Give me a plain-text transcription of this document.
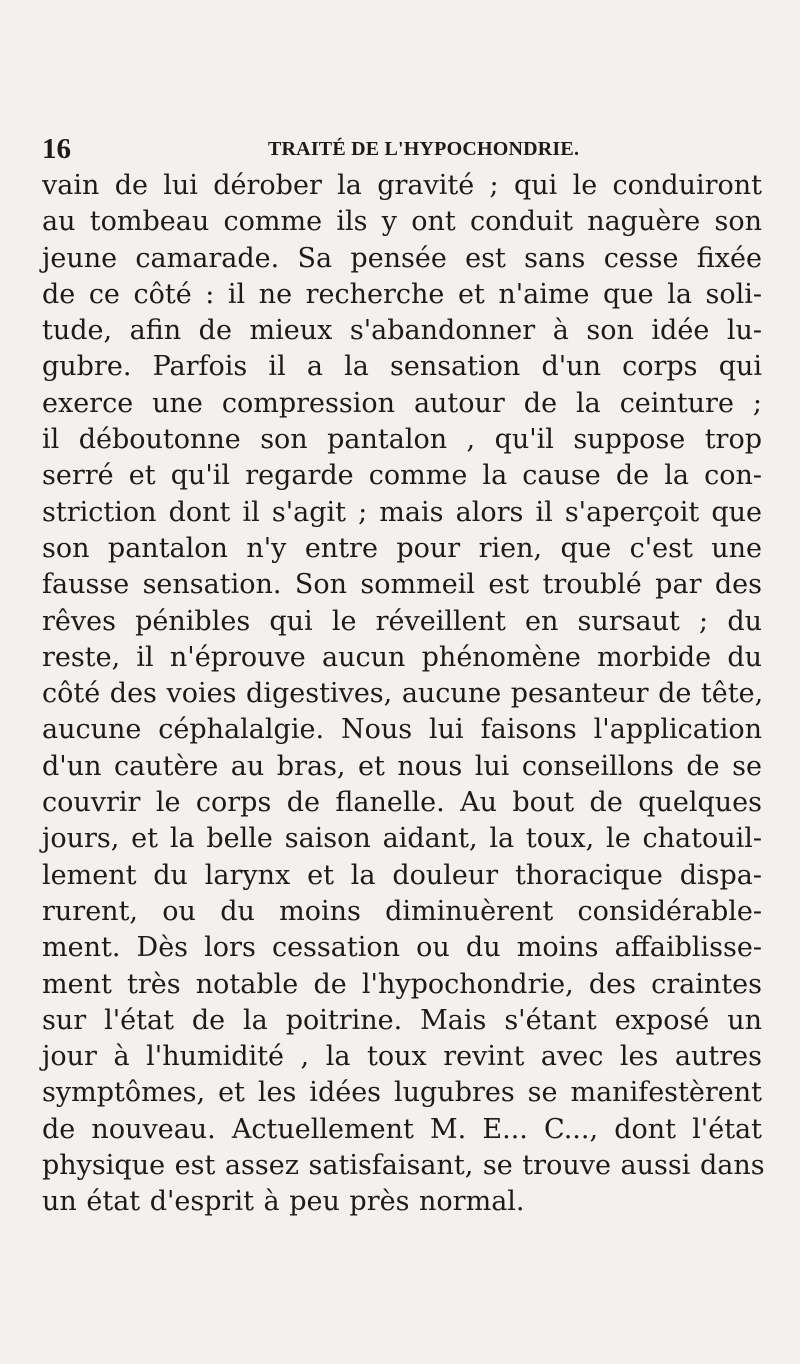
16	TRAITÉ DE L'HYPOCHONDRIE.
vain de lui dérober la gravité ; qui le conduiront
au tombeau comme ils y ont conduit naguère son
jeune camarade. Sa pensée est sans cesse fixée
de ce côté : il ne recherche et n'aime que la soli-
tude, afin de mieux s'abandonner à son idée lu-
gubre. Parfois il a la sensation d'un corps qui
exerce une compression autour de la ceinture ;
il déboutonne son pantalon , qu'il suppose trop
serré et qu'il regarde comme la cause de la con-
striction dont il s'agit ; mais alors il s'aperçoit que
son pantalon n'y entre pour rien, que c'est une
fausse sensation. Son sommeil est troublé par des
rêves pénibles qui le réveillent en sursaut ; du
reste, il n'éprouve aucun phénomène morbide du
côté des voies digestives, aucune pesanteur de tête,
aucune céphalalgie. Nous lui faisons l'application
d'un cautère au bras, et nous lui conseillons de se
couvrir le corps de flanelle. Au bout de quelques
jours, et la belle saison aidant, la toux, le chatouil-
lement du larynx et la douleur thoracique dispa-
rurent, ou du moins diminuèrent considérable-
ment. Dès lors cessation ou du moins affaiblisse-
ment très notable de l'hypochondrie, des craintes
sur l'état de la poitrine. Mais s'étant exposé un
jour à l'humidité , la toux revint avec les autres
symptômes, et les idées lugubres se manifestèrent
de nouveau. Actuellement M. E... C..., dont l'état
physique est assez satisfaisant, se trouve aussi dans
un état d'esprit à peu près normal.
